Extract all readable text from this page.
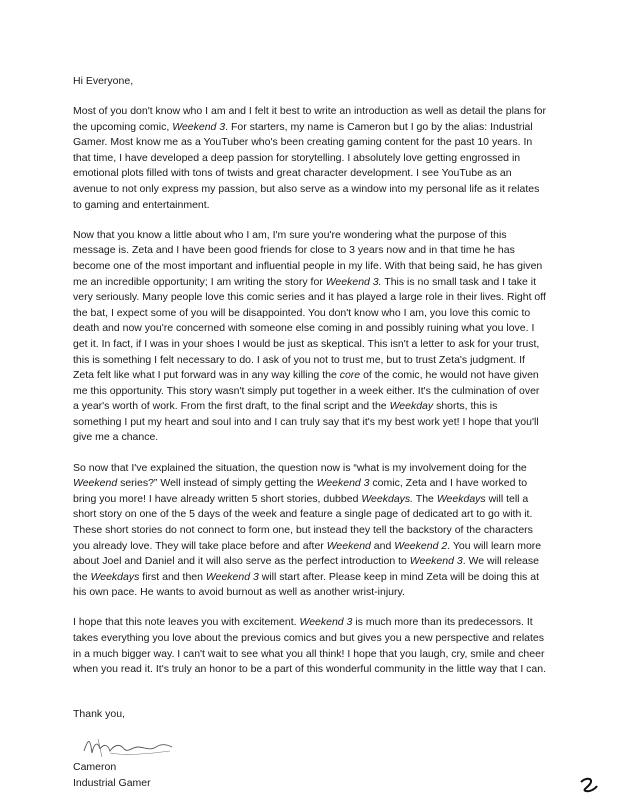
Hi Everyone,

Most of you don't know who I am and I felt it best to write an introduction as well as detail the plans for the upcoming comic, Weekend 3. For starters, my name is Cameron but I go by the alias: Industrial Gamer. Most know me as a YouTuber who's been creating gaming content for the past 10 years. In that time, I have developed a deep passion for storytelling. I absolutely love getting engrossed in emotional plots filled with tons of twists and great character development. I see YouTube as an avenue to not only express my passion, but also serve as a window into my personal life as it relates to gaming and entertainment.

Now that you know a little about who I am, I'm sure you're wondering what the purpose of this message is. Zeta and I have been good friends for close to 3 years now and in that time he has become one of the most important and influential people in my life. With that being said, he has given me an incredible opportunity; I am writing the story for Weekend 3. This is no small task and I take it very seriously. Many people love this comic series and it has played a large role in their lives. Right off the bat, I expect some of you will be disappointed. You don't know who I am, you love this comic to death and now you're concerned with someone else coming in and possibly ruining what you love. I get it. In fact, if I was in your shoes I would be just as skeptical. This isn't a letter to ask for your trust, this is something I felt necessary to do. I ask of you not to trust me, but to trust Zeta's judgment. If Zeta felt like what I put forward was in any way killing the core of the comic, he would not have given me this opportunity. This story wasn't simply put together in a week either. It's the culmination of over a year's worth of work. From the first draft, to the final script and the Weekday shorts, this is something I put my heart and soul into and I can truly say that it's my best work yet! I hope that you'll give me a chance.

So now that I've explained the situation, the question now is “what is my involvement doing for the Weekend series?” Well instead of simply getting the Weekend 3 comic, Zeta and I have worked to bring you more! I have already written 5 short stories, dubbed Weekdays. The Weekdays will tell a short story on one of the 5 days of the week and feature a single page of dedicated art to go with it. These short stories do not connect to form one, but instead they tell the backstory of the characters you already love. They will take place before and after Weekend and Weekend 2. You will learn more about Joel and Daniel and it will also serve as the perfect introduction to Weekend 3. We will release the Weekdays first and then Weekend 3 will start after. Please keep in mind Zeta will be doing this at his own pace. He wants to avoid burnout as well as another wrist-injury.

I hope that this note leaves you with excitement. Weekend 3 is much more than its predecessors. It takes everything you love about the previous comics and but gives you a new perspective and relates in a much bigger way. I can't wait to see what you all think! I hope that you laugh, cry, smile and cheer when you read it. It's truly an honor to be a part of this wonderful community in the little way that I can.

Thank you,
Cameron
Industrial Gamer
